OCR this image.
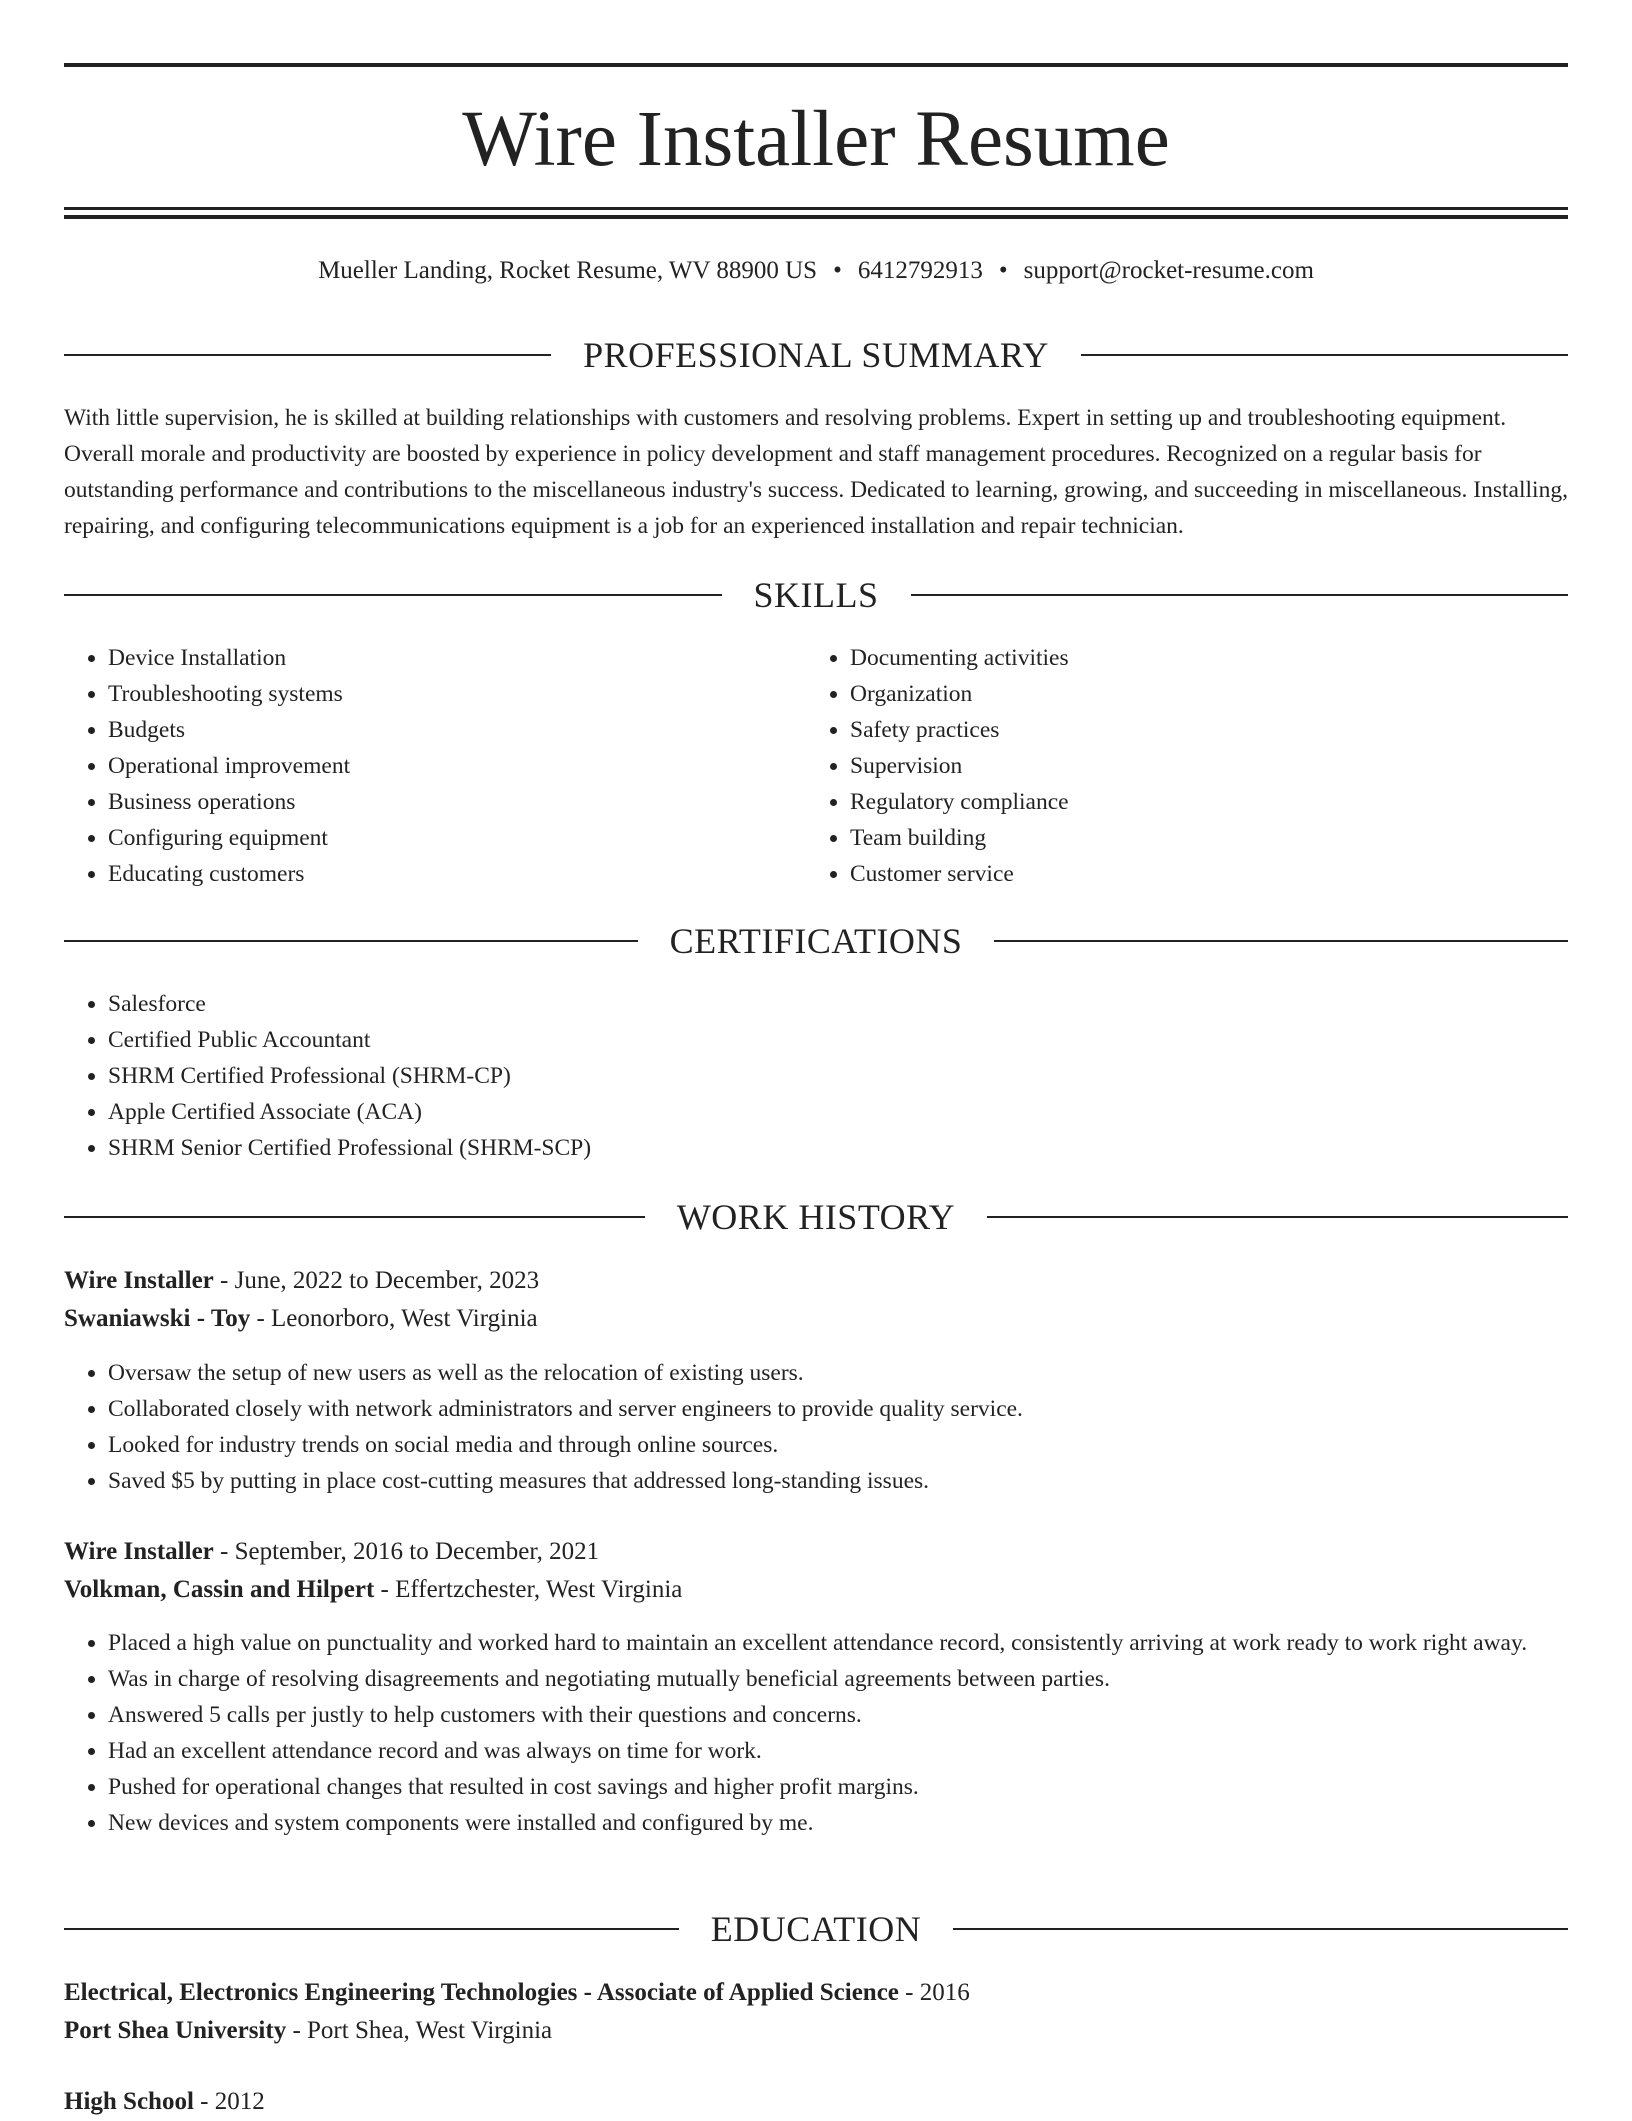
Wire Installer Resume
Mueller Landing, Rocket Resume, WV 88900 US • 6412792913 • support@rocket-resume.com
PROFESSIONAL SUMMARY

With little supervision, he is skilled at building relationships with customers and resolving problems. Expert in setting up and troubleshooting equipment. Overall morale and productivity are boosted by experience in policy development and staff management procedures. Recognized on a regular basis for outstanding performance and contributions to the miscellaneous industry's success. Dedicated to learning, growing, and succeeding in miscellaneous. Installing, repairing, and configuring telecommunications equipment is a job for an experienced installation and repair technician.

SKILLS
• Device Installation
• Troubleshooting systems
• Budgets
• Operational improvement
• Business operations
• Configuring equipment
• Educating customers
• Documenting activities
• Organization
• Safety practices
• Supervision
• Regulatory compliance
• Team building
• Customer service
CERTIFICATIONS
• Salesforce
• Certified Public Accountant
• SHRM Certified Professional (SHRM-CP)
• Apple Certified Associate (ACA)
• SHRM Senior Certified Professional (SHRM-SCP)
WORK HISTORY

Wire Installer - June, 2022 to December, 2023

Swaniawski - Toy - Leonorboro, West Virginia

• Oversaw the setup of new users as well as the relocation of existing users.
• Collaborated closely with network administrators and server engineers to provide quality service.
• Looked for industry trends on social media and through online sources.
• Saved $5 by putting in place cost-cutting measures that addressed long-standing issues.

Wire Installer - September, 2016 to December, 2021

Volkman, Cassin and Hilpert - Effertzchester, West Virginia

• Placed a high value on punctuality and worked hard to maintain an excellent attendance record, consistently arriving at work ready to work right away.
• Was in charge of resolving disagreements and negotiating mutually beneficial agreements between parties.
• Answered 5 calls per justly to help customers with their questions and concerns.
• Had an excellent attendance record and was always on time for work.
• Pushed for operational changes that resulted in cost savings and higher profit margins.
• New devices and system components were installed and configured by me.
EDUCATION

Electrical, Electronics Engineering Technologies - Associate of Applied Science - 2016

Port Shea University - Port Shea, West Virginia

High School - 2012
